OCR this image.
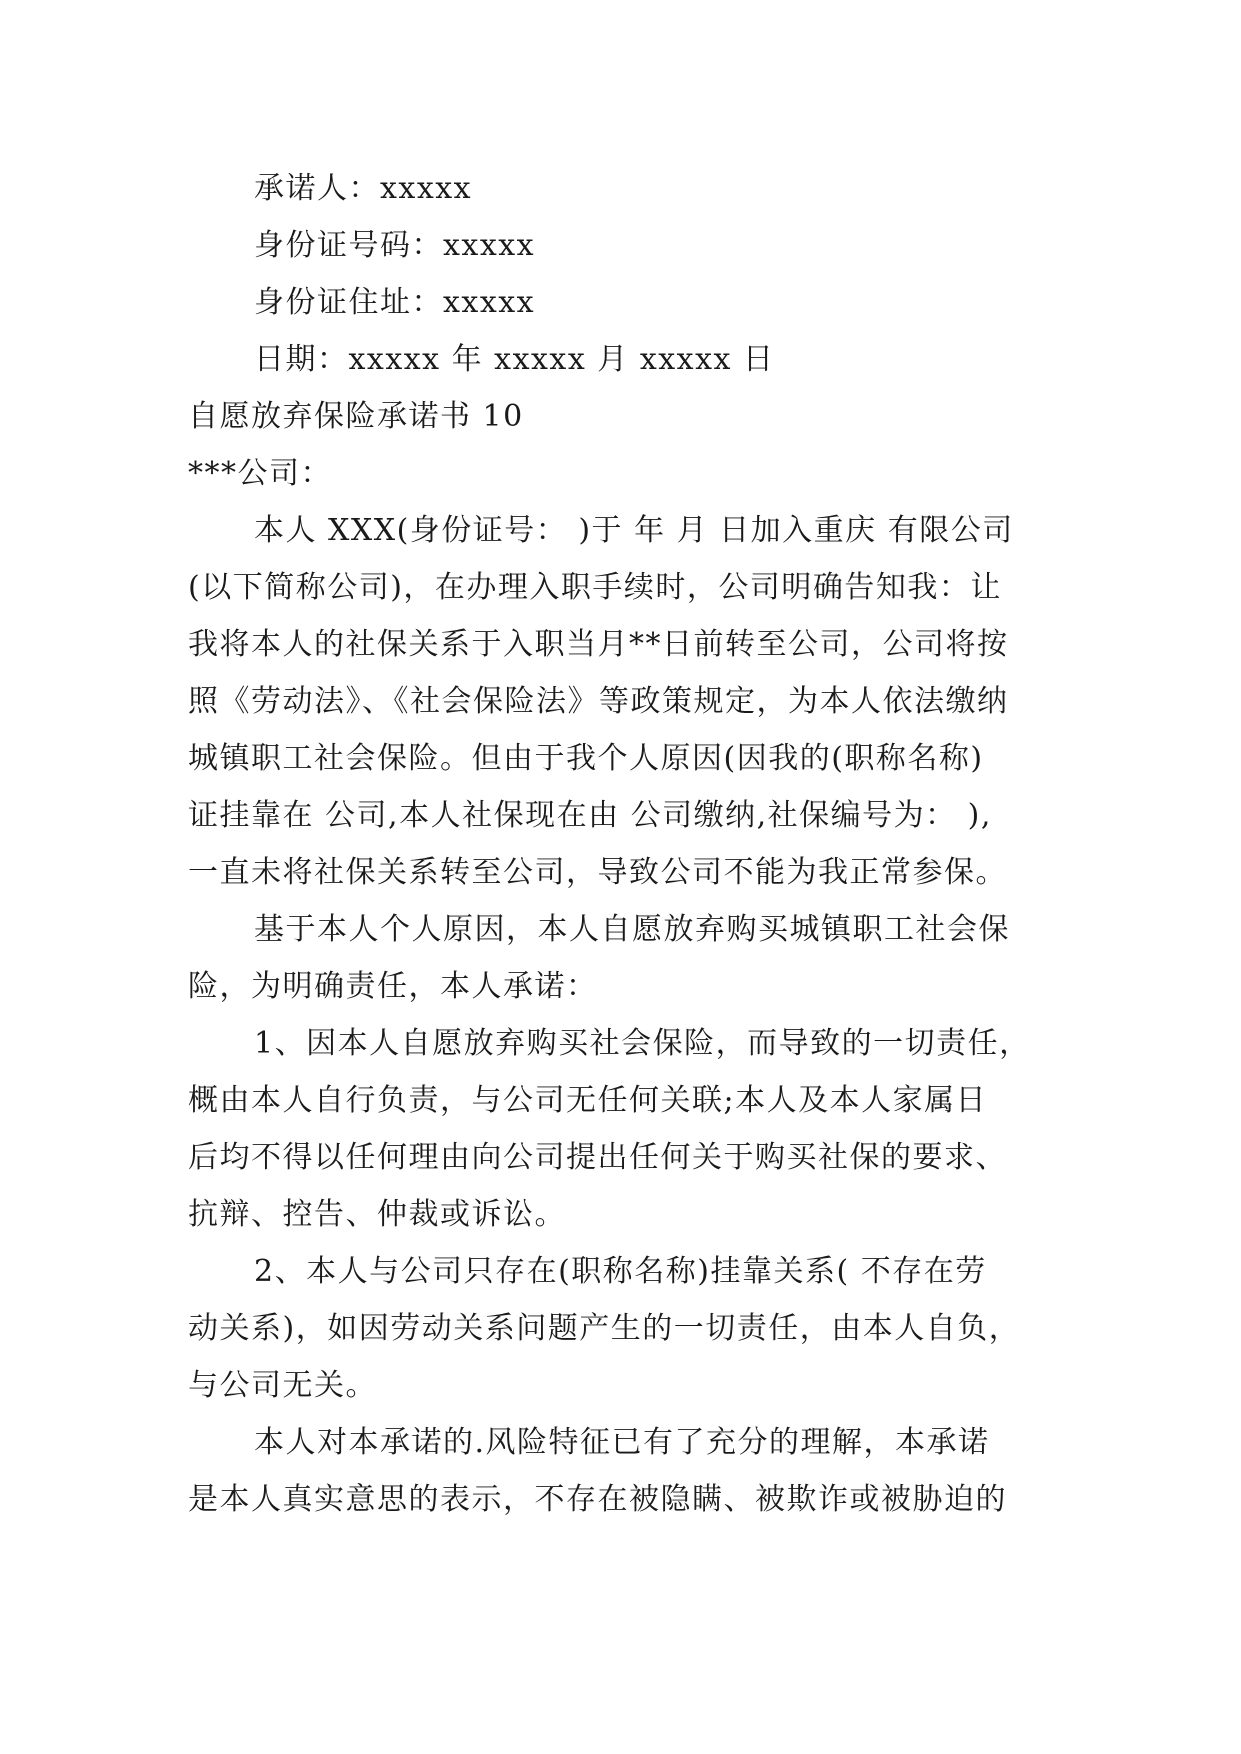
承诺人：xxxxx
身份证号码：xxxxx
身份证住址：xxxxx
日期：xxxxx 年 xxxxx 月 xxxxx 日
自愿放弃保险承诺书 10
***公司：
本人 XXX(身份证号： )于 年 月 日加入重庆 有限公司
(以下简称公司)，在办理入职手续时，公司明确告知我：让
我将本人的社保关系于入职当月**日前转至公司，公司将按
照《劳动法》、《社会保险法》等政策规定，为本人依法缴纳
城镇职工社会保险。但由于我个人原因(因我的(职称名称)
证挂靠在 公司,本人社保现在由 公司缴纳,社保编号为： ),
一直未将社保关系转至公司，导致公司不能为我正常参保。
基于本人个人原因，本人自愿放弃购买城镇职工社会保
险，为明确责任，本人承诺：
1、因本人自愿放弃购买社会保险，而导致的一切责任，
概由本人自行负责，与公司无任何关联;本人及本人家属日
后均不得以任何理由向公司提出任何关于购买社保的要求、
抗辩、控告、仲裁或诉讼。
2、本人与公司只存在(职称名称)挂靠关系( 不存在劳
动关系)，如因劳动关系问题产生的一切责任，由本人自负，
与公司无关。
本人对本承诺的.风险特征已有了充分的理解，本承诺
是本人真实意思的表示，不存在被隐瞒、被欺诈或被胁迫的
